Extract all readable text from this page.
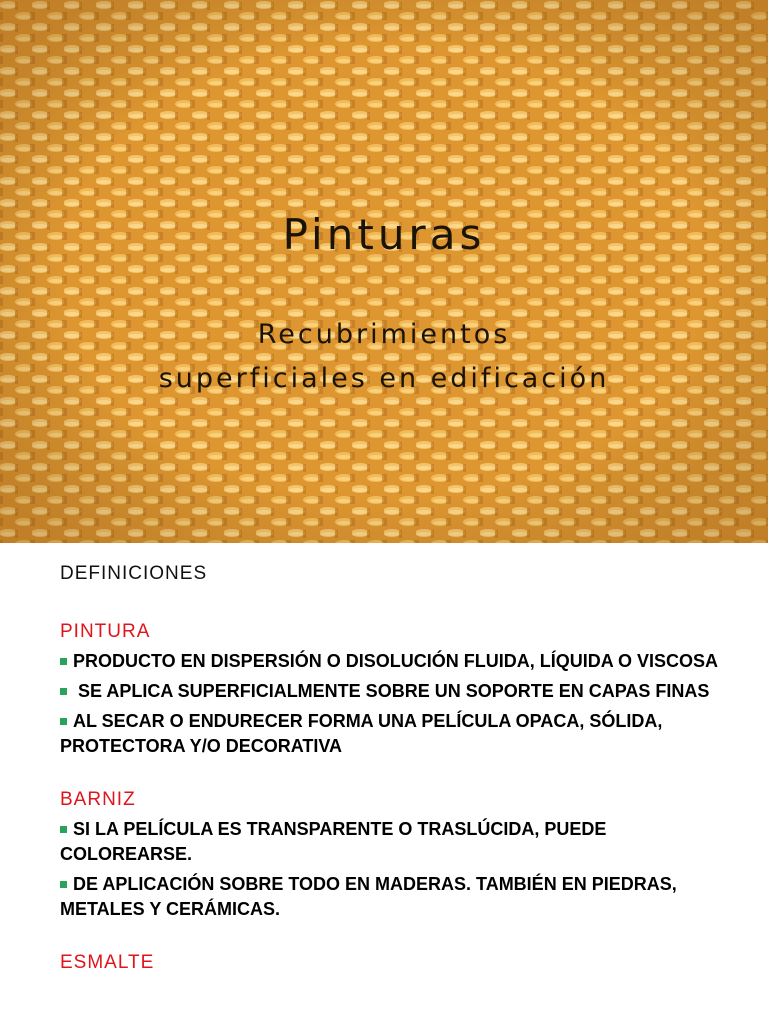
Pinturas
Recubrimientos
superficiales en edificación
DEFINICIONES
PINTURA
PRODUCTO EN DISPERSIÓN O DISOLUCIÓN FLUIDA, LÍQUIDA O VISCOSA
SE APLICA SUPERFICIALMENTE SOBRE UN SOPORTE EN CAPAS FINAS
AL SECAR O ENDURECER FORMA UNA PELÍCULA OPACA, SÓLIDA, PROTECTORA Y/O DECORATIVA
BARNIZ
SI LA PELÍCULA ES TRANSPARENTE O TRASLÚCIDA, PUEDE COLOREARSE.
DE APLICACIÓN SOBRE TODO EN MADERAS. TAMBIÉN EN PIEDRAS, METALES Y CERÁMICAS.
ESMALTE
